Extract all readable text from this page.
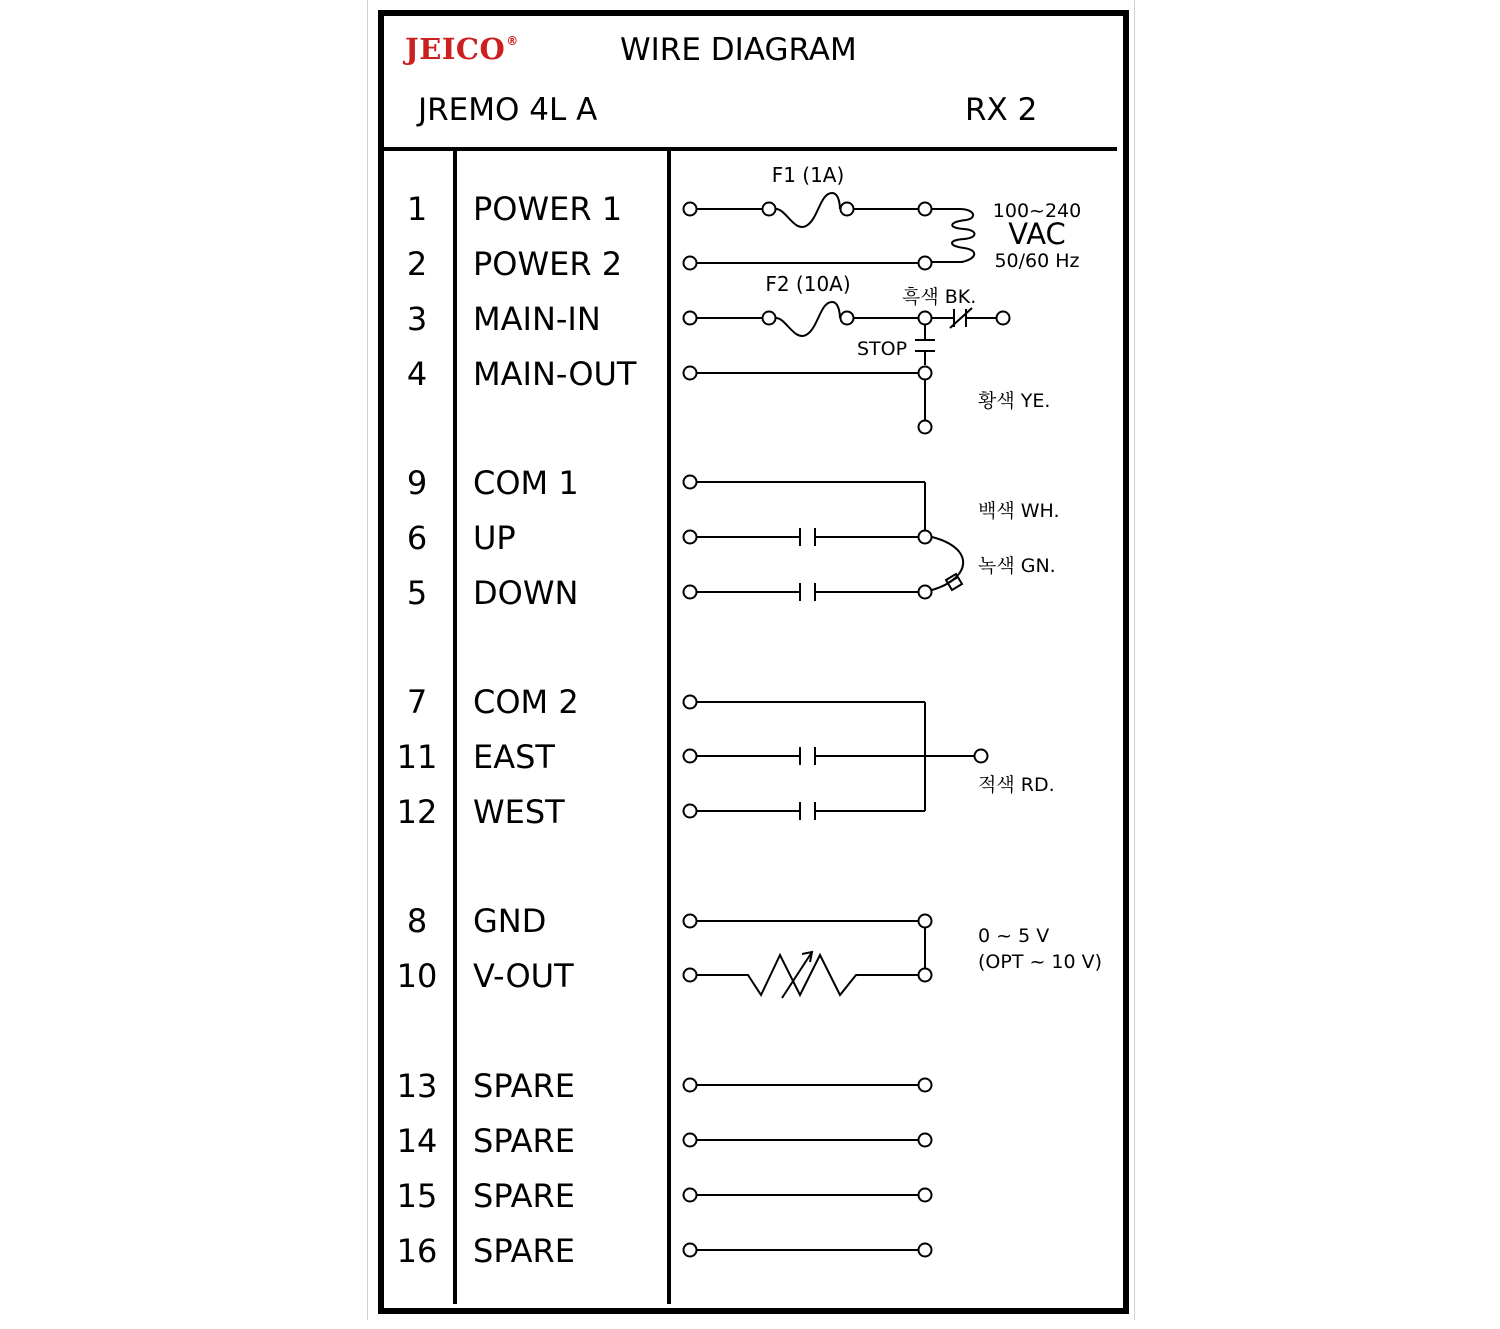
JEICO®	WIRE DIAGRAM
JREMO 4L A	RX 2
1	POWER 1
2	POWER 2
3	MAIN-IN
4	MAIN-OUT
9	COM 1
6	UP
5	DOWN
7	COM 2
11	EAST
12	WEST
8	GND
10	V-OUT
13	SPARE
14	SPARE
15	SPARE
16	SPARE
F1 (1A)
F2 (10A)
100~240
VAC
50/60 Hz
흑색 BK.
STOP
황색 YE.
백색 WH.
녹색 GN.
적색 RD.
0 ~ 5 V
(OPT ~ 10 V)
